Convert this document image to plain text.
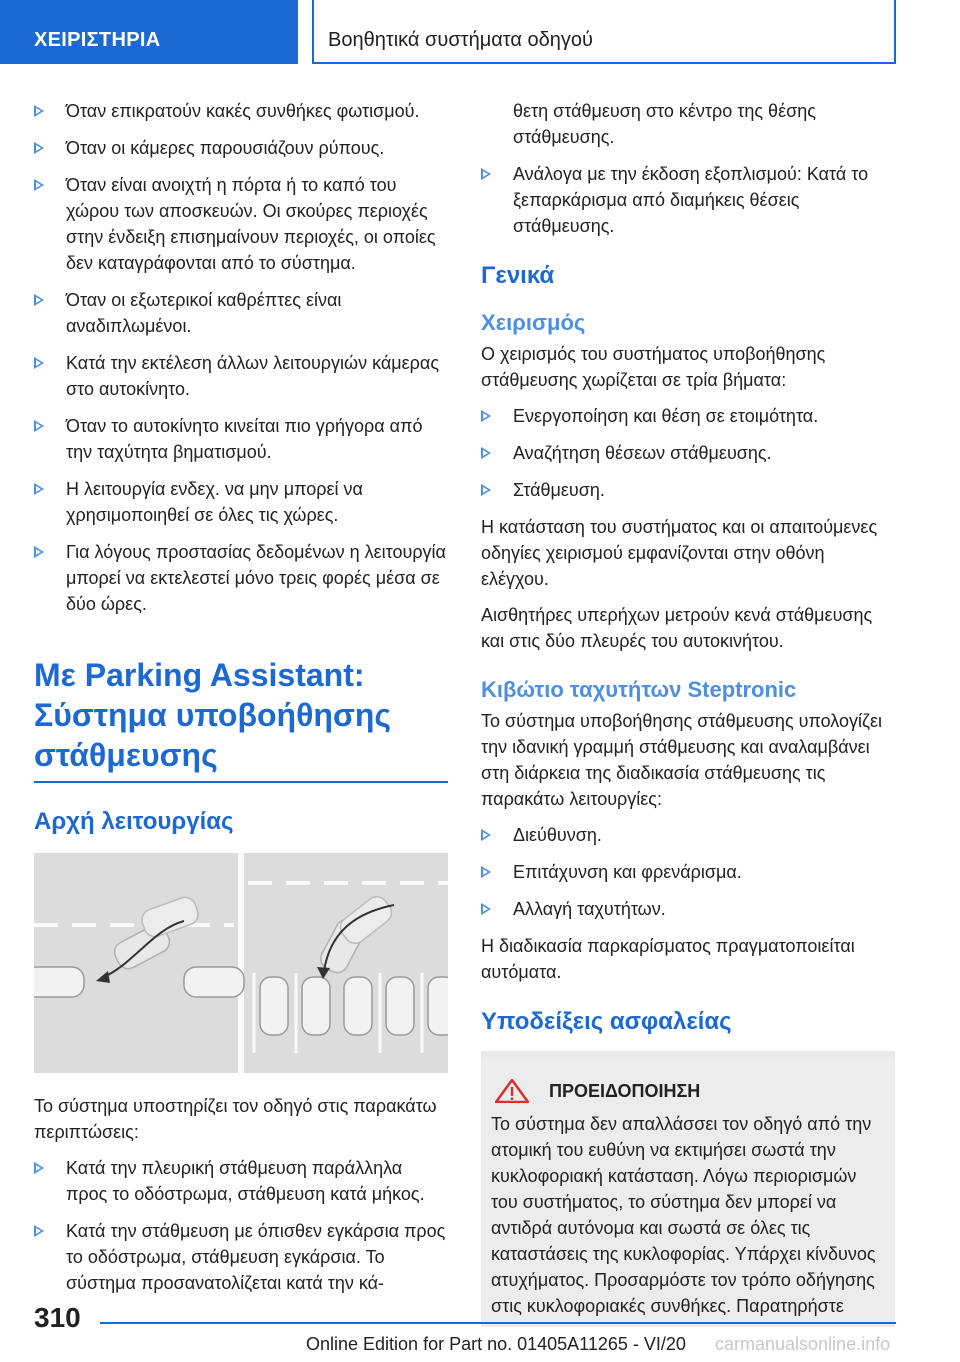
ΧΕΙΡΙΣΤΗΡΙΑ	Βοηθητικά συστήματα οδηγού
Όταν επικρατούν κακές συνθήκες φωτισμού.
Όταν οι κάμερες παρουσιάζουν ρύπους.
Όταν είναι ανοιχτή η πόρτα ή το καπό του χώρου των αποσκευών. Οι σκούρες περιοχές στην ένδειξη επισημαίνουν περιοχές, οι οποίες δεν καταγράφονται από το σύστημα.
Όταν οι εξωτερικοί καθρέπτες είναι αναδιπλωμένοι.
Κατά την εκτέλεση άλλων λειτουργιών κάμερας στο αυτοκίνητο.
Όταν το αυτοκίνητο κινείται πιο γρήγορα από την ταχύτητα βηματισμού.
Η λειτουργία ενδεχ. να μην μπορεί να χρησιμοποιηθεί σε όλες τις χώρες.
Για λόγους προστασίας δεδομένων η λειτουργία μπορεί να εκτελεστεί μόνο τρεις φορές μέσα σε δύο ώρες.
Με Parking Assistant: Σύστημα υποβοήθησης στάθμευσης
Αρχή λειτουργίας
Το σύστημα υποστηρίζει τον οδηγό στις παρακάτω περιπτώσεις:
Κατά την πλευρική στάθμευση παράλληλα προς το οδόστρωμα, στάθμευση κατά μήκος.
Κατά την στάθμευση με όπισθεν εγκάρσια προς το οδόστρωμα, στάθμευση εγκάρσια. Το σύστημα προσανατολίζεται κατά την κά-
θετη στάθμευση στο κέντρο της θέσης στάθμευσης.
Ανάλογα με την έκδοση εξοπλισμού: Κατά το ξεπαρκάρισμα από διαμήκεις θέσεις στάθμευσης.
Γενικά
Χειρισμός
Ο χειρισμός του συστήματος υποβοήθησης στάθμευσης χωρίζεται σε τρία βήματα:
Ενεργοποίηση και θέση σε ετοιμότητα.
Αναζήτηση θέσεων στάθμευσης.
Στάθμευση.
Η κατάσταση του συστήματος και οι απαιτούμενες οδηγίες χειρισμού εμφανίζονται στην οθόνη ελέγχου.
Αισθητήρες υπερήχων μετρούν κενά στάθμευσης και στις δύο πλευρές του αυτοκινήτου.
Κιβώτιο ταχυτήτων Steptronic
Το σύστημα υποβοήθησης στάθμευσης υπολογίζει την ιδανική γραμμή στάθμευσης και αναλαμβάνει στη διάρκεια της διαδικασία στάθμευσης τις παρακάτω λειτουργίες:
Διεύθυνση.
Επιτάχυνση και φρενάρισμα.
Αλλαγή ταχυτήτων.
Η διαδικασία παρκαρίσματος πραγματοποιείται αυτόματα.
Υποδείξεις ασφαλείας
ΠΡΟΕΙΔΟΠΟΙΗΣΗ
Το σύστημα δεν απαλλάσσει τον οδηγό από την ατομική του ευθύνη να εκτιμήσει σωστά την κυκλοφοριακή κατάσταση. Λόγω περιορισμών του συστήματος, το σύστημα δεν μπορεί να αντιδρά αυτόνομα και σωστά σε όλες τις καταστάσεις της κυκλοφορίας. Υπάρχει κίνδυνος ατυχήματος. Προσαρμόστε τον τρόπο οδήγησης στις κυκλοφοριακές συνθήκες. Παρατηρήστε
310
Online Edition for Part no. 01405A11265 - VI/20 carmanualsonline.info
